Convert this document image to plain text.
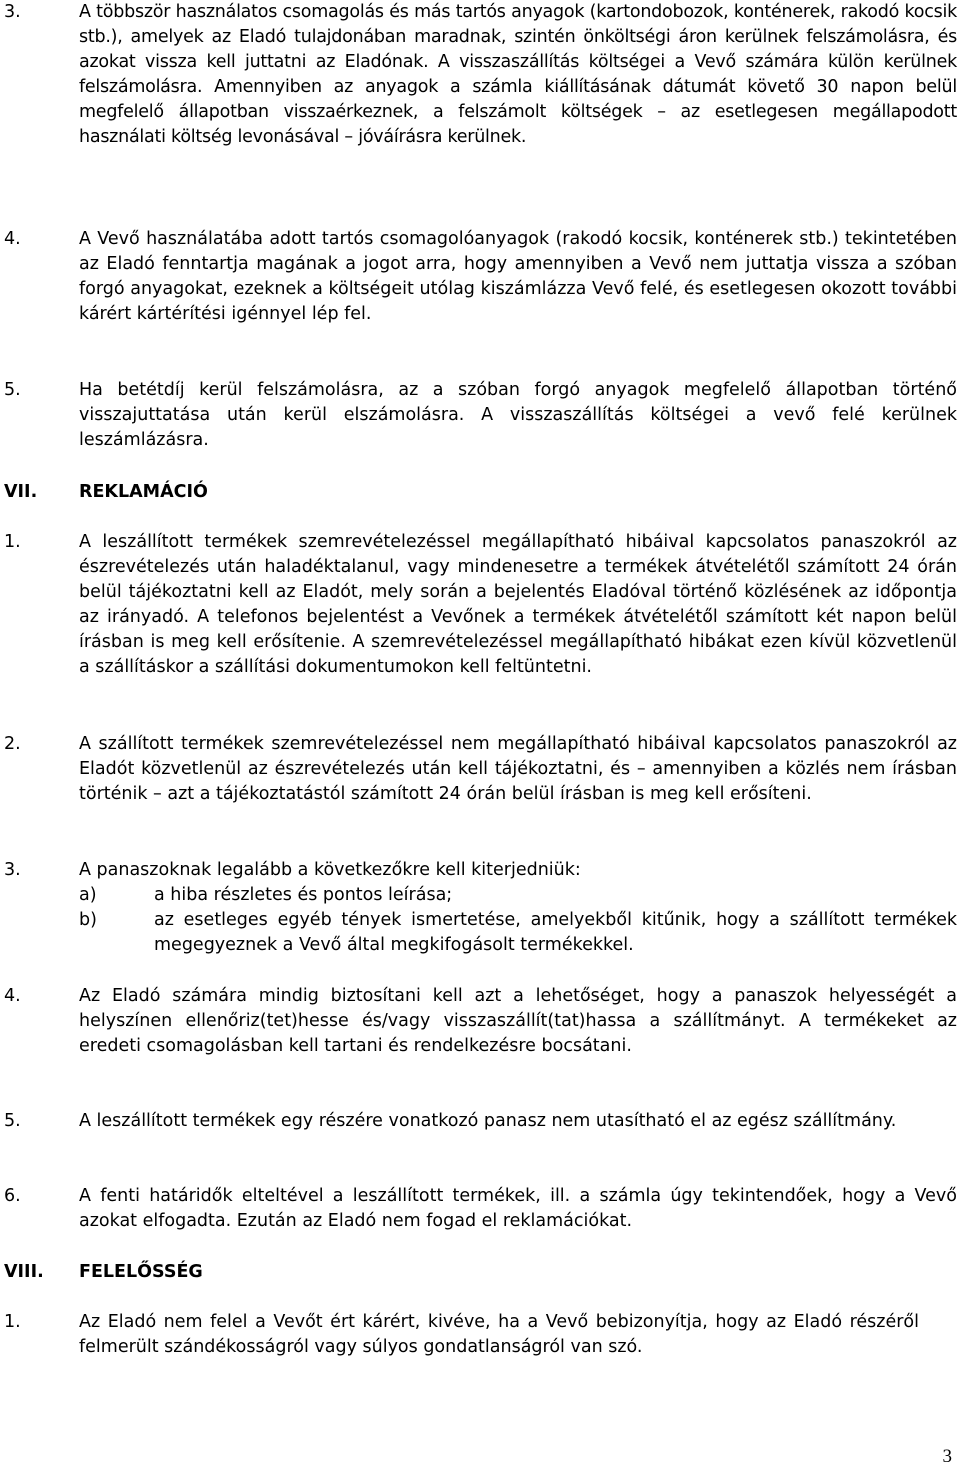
3.	A többször használatos csomagolás és más tartós anyagok (kartondobozok, konténerek, rakodó kocsik stb.), amelyek az Eladó tulajdonában maradnak, szintén önköltségi áron kerülnek felszámolásra, és azokat vissza kell juttatni az Eladónak. A visszaszállítás költségei a Vevő számára külön kerülnek felszámolásra. Amennyiben az anyagok a számla kiállításának dátumát követő 30 napon belül megfelelő állapotban visszaérkeznek, a felszámolt költségek – az esetlegesen megállapodott használati költség levonásával – jóváírásra kerülnek.
4.	A Vevő használatába adott tartós csomagolóanyagok (rakodó kocsik, konténerek stb.) tekintetében az Eladó fenntartja magának a jogot arra, hogy amennyiben a Vevő nem juttatja vissza a szóban forgó anyagokat, ezeknek a költségeit utólag kiszámlázza Vevő felé, és esetlegesen okozott további kárért kártérítési igénnyel lép fel.
5.	Ha betétdíj kerül felszámolásra, az a szóban forgó anyagok megfelelő állapotban történő visszajuttatása után kerül elszámolásra. A visszaszállítás költségei a vevő felé kerülnek leszámlázásra.
VII. REKLAMÁCIÓ
1.	A leszállított termékek szemrevételezéssel megállapítható hibáival kapcsolatos panaszokról az észrevételezés után haladéktalanul, vagy mindenesetre a termékek átvételétől számított 24 órán belül tájékoztatni kell az Eladót, mely során a bejelentés Eladóval történő közlésének az időpontja az irányadó. A telefonos bejelentést a Vevőnek a termékek átvételétől számított két napon belül írásban is meg kell erősítenie. A szemrevételezéssel megállapítható hibákat ezen kívül közvetlenül a szállításkor a szállítási dokumentumokon kell feltüntetni.
2.	A szállított termékek szemrevételezéssel nem megállapítható hibáival kapcsolatos panaszokról az Eladót közvetlenül az észrevételezés után kell tájékoztatni, és – amennyiben a közlés nem írásban történik – azt a tájékoztatástól számított 24 órán belül írásban is meg kell erősíteni.
3.	A panaszoknak legalább a következőkre kell kiterjedniük:
a)	a hiba részletes és pontos leírása;
b)	az esetleges egyéb tények ismertetése, amelyekből kitűnik, hogy a szállított termékek megegyeznek a Vevő által megkifogásolt termékekkel.
4.	Az Eladó számára mindig biztosítani kell azt a lehetőséget, hogy a panaszok helyességét a helyszínen ellenőriz(tet)hesse és/vagy visszaszállít(tat)hassa a szállítmányt. A termékeket az eredeti csomagolásban kell tartani és rendelkezésre bocsátani.
5.	A leszállított termékek egy részére vonatkozó panasz nem utasítható el az egész szállítmány.
6.	A fenti határidők elteltével a leszállított termékek, ill. a számla úgy tekintendőek, hogy a Vevő azokat elfogadta. Ezután az Eladó nem fogad el reklamációkat.
VIII. FELELŐSSÉG
1.	Az Eladó nem felel a Vevőt ért kárért, kivéve, ha a Vevő bebizonyítja, hogy az Eladó részéről felmerült szándékosságról vagy súlyos gondatlanságról van szó.
3
